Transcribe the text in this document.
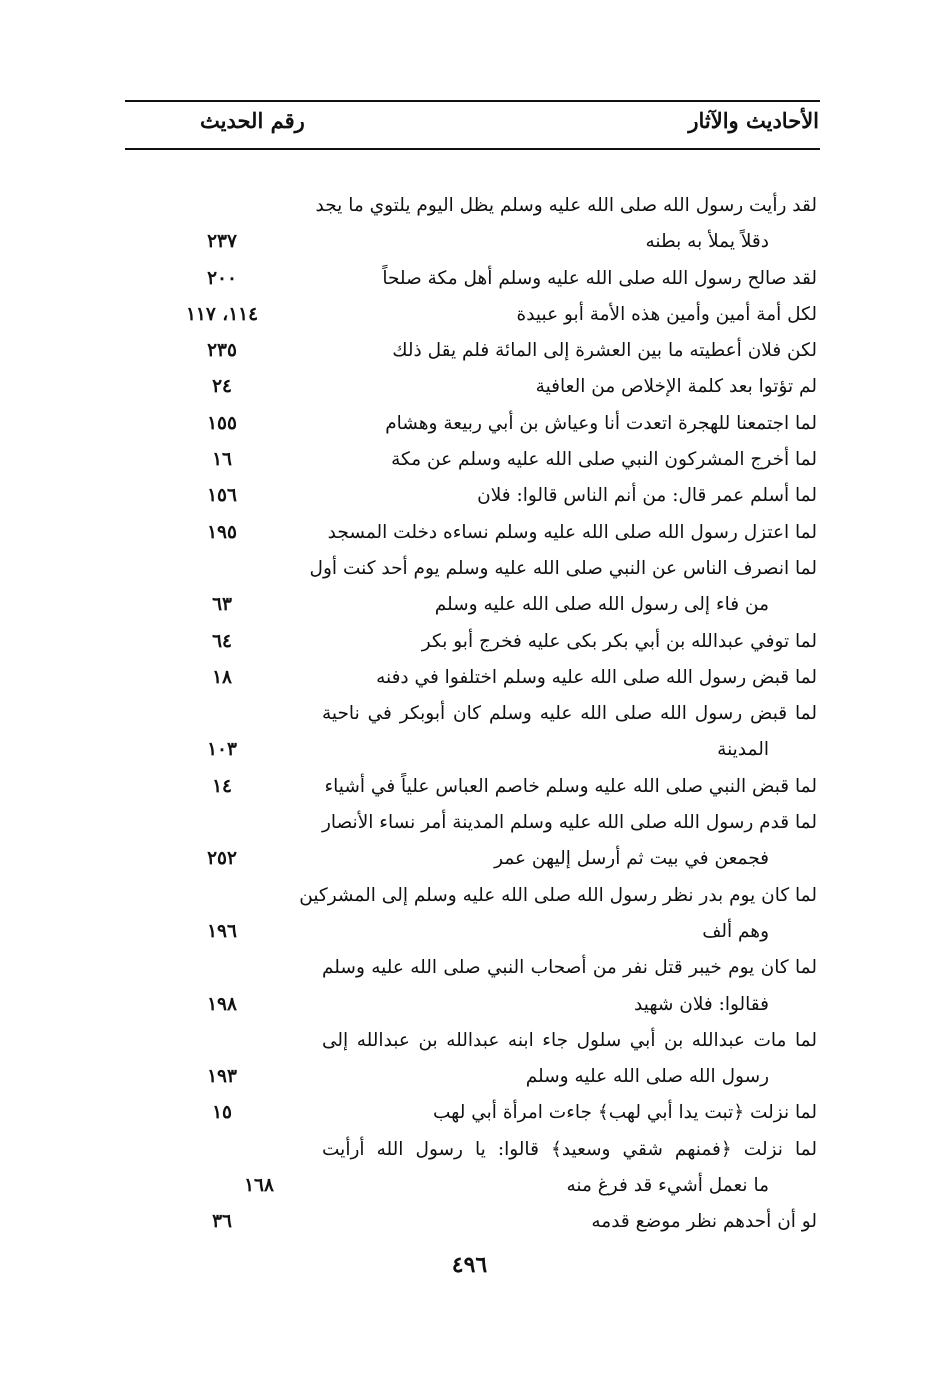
الأحاديث والآثار
رقم الحديث
لقد رأيت رسول الله صلى الله عليه وسلم يظل اليوم يلتوي ما يجد
دقلاً يملأ به بطنه
٢٣٧
لقد صالح رسول الله صلى الله عليه وسلم أهل مكة صلحاً
٢٠٠
لكل أمة أمين وأمين هذه الأمة أبو عبيدة
١١٤، ١١٧
لكن فلان أعطيته ما بين العشرة إلى المائة فلم يقل ذلك
٢٣٥
لم تؤتوا بعد كلمة الإخلاص من العافية
٢٤
لما اجتمعنا للهجرة اتعدت أنا وعياش بن أبي ربيعة وهشام
١٥٥
لما أخرج المشركون النبي صلى الله عليه وسلم عن مكة
١٦
لما أسلم عمر قال: من أنم الناس قالوا: فلان
١٥٦
لما اعتزل رسول الله صلى الله عليه وسلم نساءه دخلت المسجد
١٩٥
لما انصرف الناس عن النبي صلى الله عليه وسلم يوم أحد كنت أول
من فاء إلى رسول الله صلى الله عليه وسلم
٦٣
لما توفي عبدالله بن أبي بكر بكى عليه فخرج أبو بكر
٦٤
لما قبض رسول الله صلى الله عليه وسلم اختلفوا في دفنه
١٨
لما قبض رسول الله صلى الله عليه وسلم كان أبوبكر في ناحية
المدينة
١٠٣
لما قبض النبي صلى الله عليه وسلم خاصم العباس علياً في أشياء
١٤
لما قدم رسول الله صلى الله عليه وسلم المدينة أمر نساء الأنصار
فجمعن في بيت ثم أرسل إليهن عمر
٢٥٢
لما كان يوم بدر نظر رسول الله صلى الله عليه وسلم إلى المشركين
وهم ألف
١٩٦
لما كان يوم خيبر قتل نفر من أصحاب النبي صلى الله عليه وسلم
فقالوا: فلان شهيد
١٩٨
لما مات عبدالله بن أبي سلول جاء ابنه عبدالله بن عبدالله إلى
رسول الله صلى الله عليه وسلم
١٩٣
لما نزلت ﴿تبت يدا أبي لهب﴾ جاءت امرأة أبي لهب
١٥
لما نزلت ﴿فمنهم شقي وسعيد﴾ قالوا: يا رسول الله أرأيت
ما نعمل أشيء قد فرغ منه
١٦٨
لو أن أحدهم نظر موضع قدمه
٣٦
٤٩٦
